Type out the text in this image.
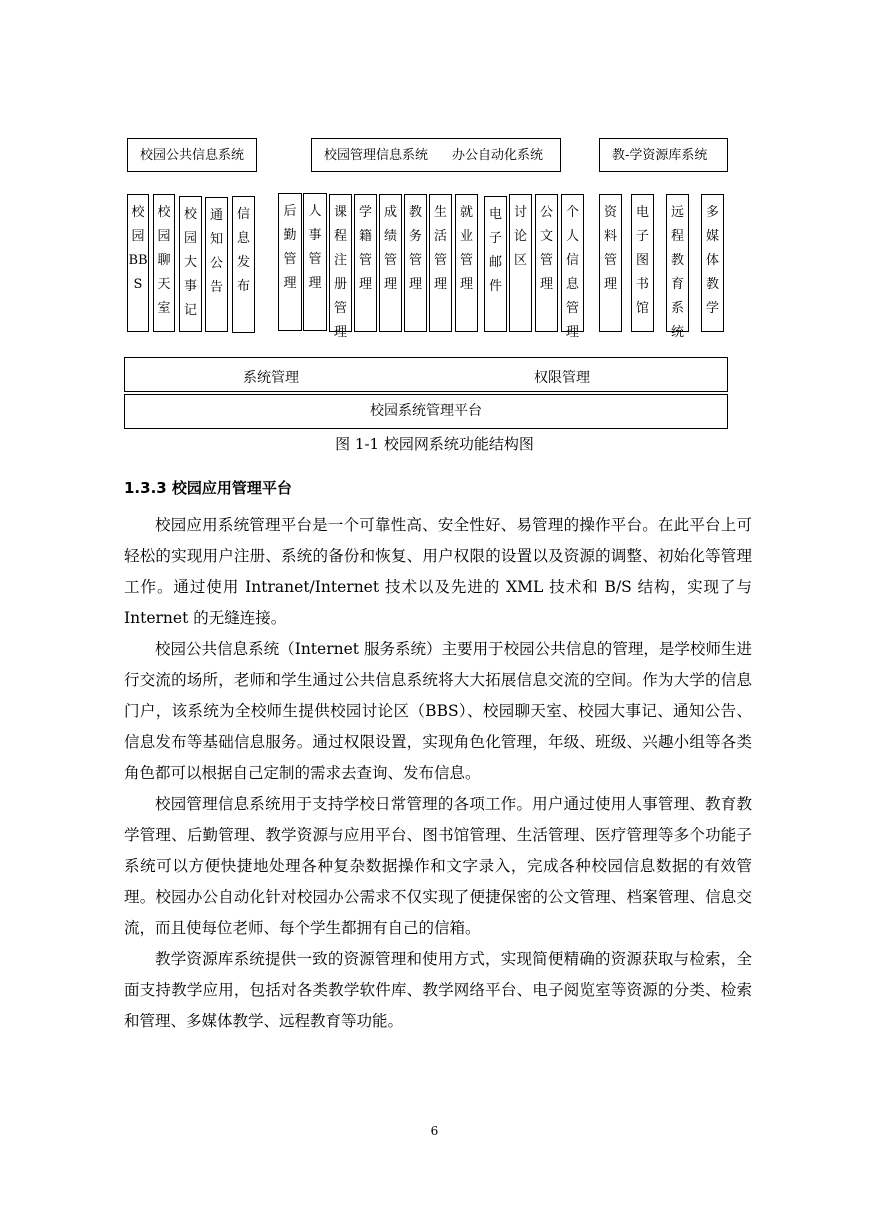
校园公共信息系统	校园管理信息系统 办公自动化系统	教-学资源库系统
校
园
BB
S
校
园
聊
天
室
校
园
大
事
记
通
知
公
告
信
息
发
布
后
勤
管
理
人
事
管
理
课
程
注
册
管
理
学
籍
管
理
成
绩
管
理
教
务
管
理
生
活
管
理
就
业
管
理
电
子
邮
件
讨
论
区
公
文
管
理
个
人
信
息
管
理
资
料
管
理
电
子
图
书
馆
远
程
教
育
系
统
多
媒
体
教
学
系统管理	权限管理
校园系统管理平台
图 1-1 校园网系统功能结构图
1.3.3 校园应用管理平台

校园应用系统管理平台是一个可靠性高、安全性好、易管理的操作平台。在此平台上可轻松的实现用户注册、系统的备份和恢复、用户权限的设置以及资源的调整、初始化等管理工作。通过使用 Intranet/Internet 技术以及先进的 XML 技术和 B/S 结构，实现了与 Internet 的无缝连接。

校园公共信息系统（Internet 服务系统）主要用于校园公共信息的管理，是学校师生进行交流的场所，老师和学生通过公共信息系统将大大拓展信息交流的空间。作为大学的信息门户，该系统为全校师生提供校园讨论区（BBS）、校园聊天室、校园大事记、通知公告、信息发布等基础信息服务。通过权限设置，实现角色化管理，年级、班级、兴趣小组等各类角色都可以根据自己定制的需求去查询、发布信息。

校园管理信息系统用于支持学校日常管理的各项工作。用户通过使用人事管理、教育教学管理、后勤管理、教学资源与应用平台、图书馆管理、生活管理、医疗管理等多个功能子系统可以方便快捷地处理各种复杂数据操作和文字录入，完成各种校园信息数据的有效管理。校园办公自动化针对校园办公需求不仅实现了便捷保密的公文管理、档案管理、信息交流，而且使每位老师、每个学生都拥有自己的信箱。

教学资源库系统提供一致的资源管理和使用方式，实现简便精确的资源获取与检索，全面支持教学应用，包括对各类教学软件库、教学网络平台、电子阅览室等资源的分类、检索和管理、多媒体教学、远程教育等功能。

6
